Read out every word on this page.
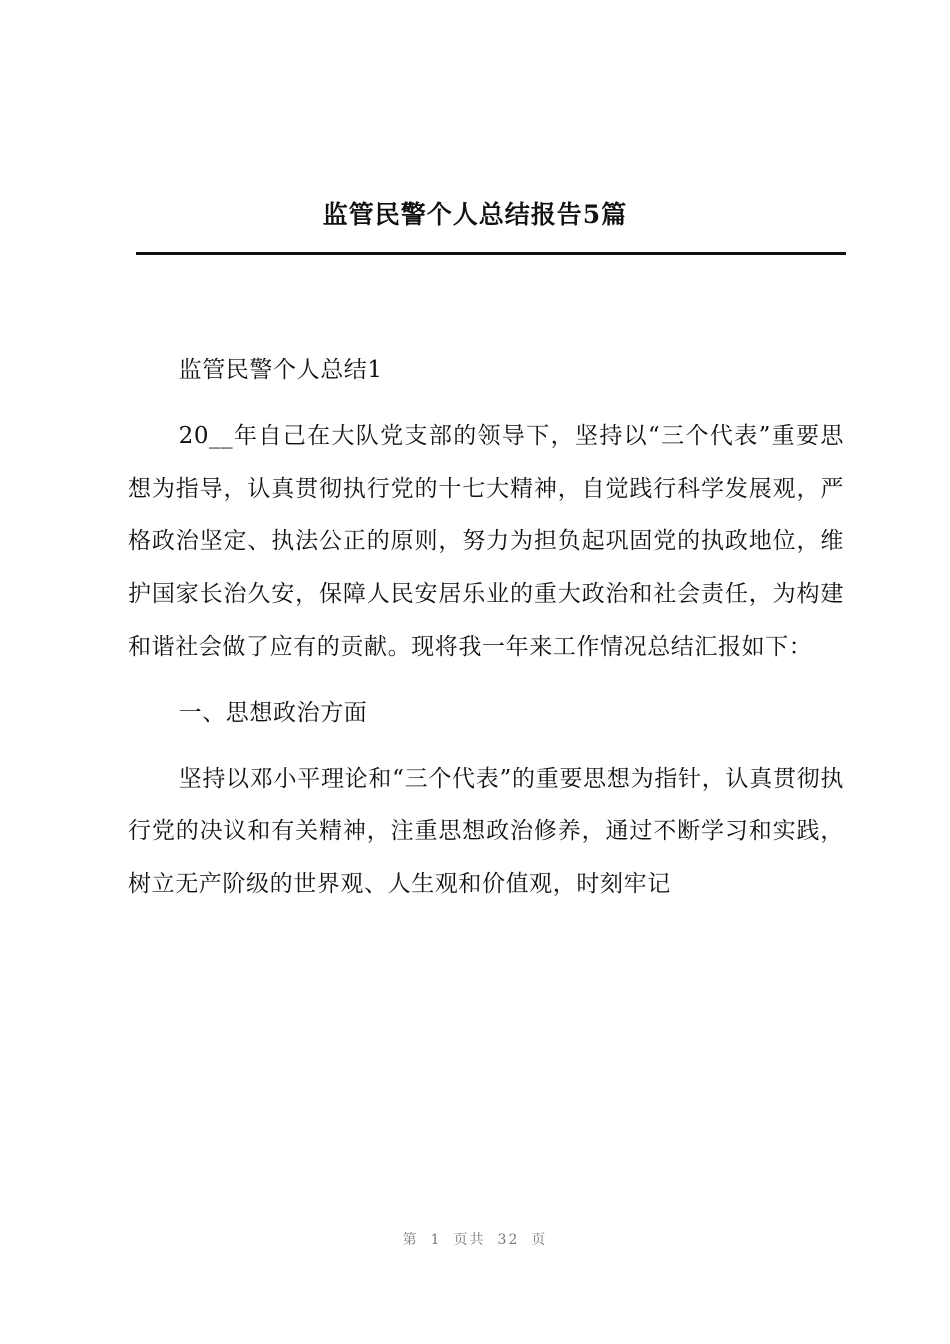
监管民警个人总结报告5篇

监管民警个人总结1

20__年自己在大队党支部的领导下，坚持以“三个代表”重要思想为指导，认真贯彻执行党的十七大精神，自觉践行科学发展观，严格政治坚定、执法公正的原则，努力为担负起巩固党的执政地位，维护国家长治久安，保障人民安居乐业的重大政治和社会责任，为构建和谐社会做了应有的贡献。现将我一年来工作情况总结汇报如下：

一、思想政治方面

坚持以邓小平理论和“三个代表”的重要思想为指针，认真贯彻执行党的决议和有关精神，注重思想政治修养，通过不断学习和实践，树立无产阶级的世界观、人生观和价值观，时刻牢记

第 1 页共 32 页
